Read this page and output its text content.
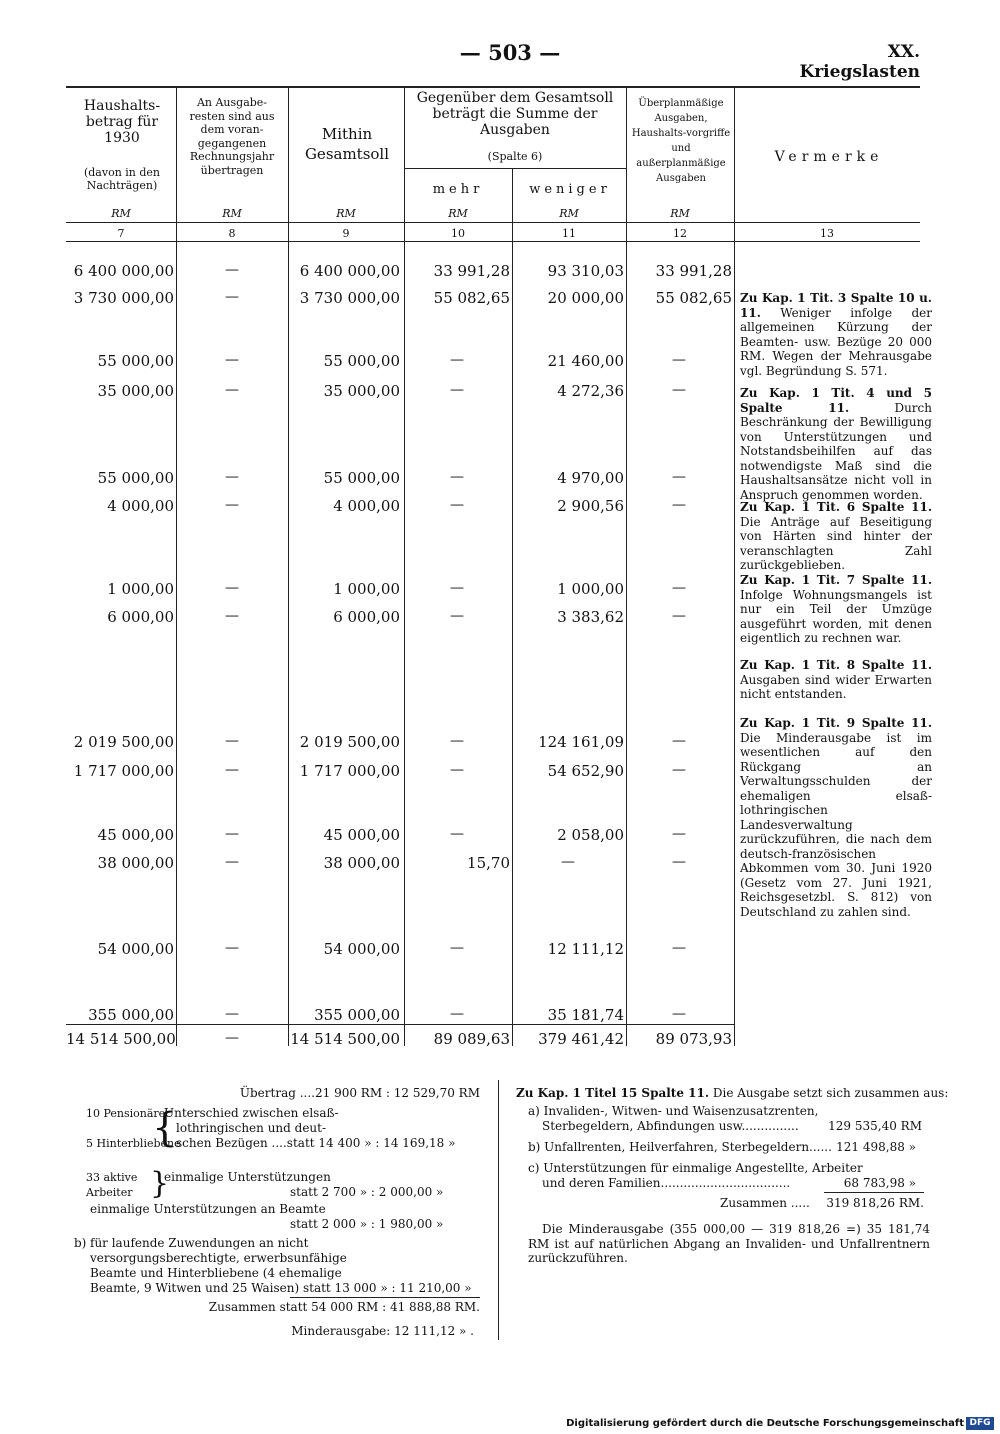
— 503 —	XX. Kriegslasten
Haushalts-betrag für 1930
(davon in den Nachträgen)
An Ausgabe-resten sind aus dem voran-gegangenen Rechnungsjahr übertragen
Mithin Gesamtsoll
Gegenüber dem Gesamtsoll beträgt die Summe der Ausgaben
(Spalte 6)
mehr	weniger
Überplanmäßige Ausgaben, Haushalts-vorgriffe und außerplanmäßige Ausgaben
Vermerke
RM	RM	RM	RM	RM	RM
7	8	9	10	11	12	13
6 400 000,00	—	6 400 000,00	33 991,28	93 310,03	33 991,28
3 730 000,00	—	3 730 000,00	55 082,65	20 000,00	55 082,65
55 000,00	—	55 000,00	—	21 460,00	—
35 000,00	—	35 000,00	—	4 272,36	—
55 000,00	—	55 000,00	—	4 970,00	—
4 000,00	—	4 000,00	—	2 900,56	—
1 000,00	—	1 000,00	—	1 000,00	—
6 000,00	—	6 000,00	—	3 383,62	—
2 019 500,00	—	2 019 500,00	—	124 161,09	—
1 717 000,00	—	1 717 000,00	—	54 652,90	—
45 000,00	—	45 000,00	—	2 058,00	—
38 000,00	—	38 000,00	15,70	—	—
54 000,00	—	54 000,00	—	12 111,12	—
355 000,00	—	355 000,00	—	35 181,74	—
14 514 500,00	—	14 514 500,00	89 089,63	379 461,42	89 073,93
Zu Kap. 1 Tit. 3 Spalte 10 u. 11. Weniger infolge der allgemeinen Kürzung der Beamten- usw. Bezüge 20 000 RM. Wegen der Mehrausgabe vgl. Begründung S. 571.
Zu Kap. 1 Tit. 4 und 5 Spalte 11.	Durch Beschränkung der Bewilligung von Unterstützungen und Notstandsbeihilfen auf das notwendigste Maß sind die Haushaltsansätze nicht voll in Anspruch genommen worden.
Zu Kap. 1 Tit. 6 Spalte 11. Die Anträge auf Beseitigung von Härten sind hinter der veranschlagten Zahl zurückgeblieben.
Zu Kap. 1 Tit. 7 Spalte 11. Infolge Wohnungsmangels ist nur ein Teil der Umzüge ausgeführt worden, mit denen eigentlich zu rechnen war.
Zu Kap. 1 Tit. 8 Spalte 11. Ausgaben sind wider Erwarten nicht entstanden.
Zu Kap. 1 Tit. 9 Spalte 11. Die Minderausgabe ist im wesentlichen auf den Rückgang an Verwaltungsschulden der ehemaligen elsaß-lothringischen Landesverwaltung zurückzuführen, die nach dem deutsch-französischen Abkommen vom 30. Juni 1920 (Gesetz vom 27. Juni 1921, Reichsgesetzbl. S. 812) von Deutschland zu zahlen sind.
Übertrag ....21 900 RM : 12 529,70 RM
10 Pensionäre
5 Hinterbliebene
{
Unterschied zwischen elsaß-
lothringischen und deut-
schen Bezügen ....statt 14 400 » : 14 169,18 »
33 aktive
Arbeiter }
einmalige Unterstützungen
statt 2 700 » : 2 000,00 »
einmalige Unterstützungen an Beamte
statt 2 000 » : 1 980,00 »
b) für laufende Zuwendungen an nicht
versorgungsberechtigte, erwerbsunfähige
Beamte und Hinterbliebene (4 ehemalige
Beamte, 9 Witwen und 25 Waisen) statt 13 000 » : 11 210,00 »
Zusammen statt 54 000 RM : 41 888,88 RM.
Minderausgabe: 12 111,12 » .
Zu Kap. 1 Titel 15 Spalte 11. Die Ausgabe setzt sich zusammen aus:
a) Invaliden-, Witwen- und Waisenzusatzrenten,
Sterbegeldern, Abfindungen usw...............	129 535,40 RM
b) Unfallrenten, Heilverfahren, Sterbegeldern...... 121 498,88 »
c) Unterstützungen für einmalige Angestellte, Arbeiter
und deren Familien..................................	68 783,98 »
Zusammen .....	319 818,26 RM.
Die Minderausgabe (355 000,00 — 319 818,26 =) 35 181,74 RM ist auf natürlichen Abgang an Invaliden- und Unfallrentnern zurückzuführen.
Digitalisierung gefördert durch die Deutsche Forschungsgemeinschaft DFG
